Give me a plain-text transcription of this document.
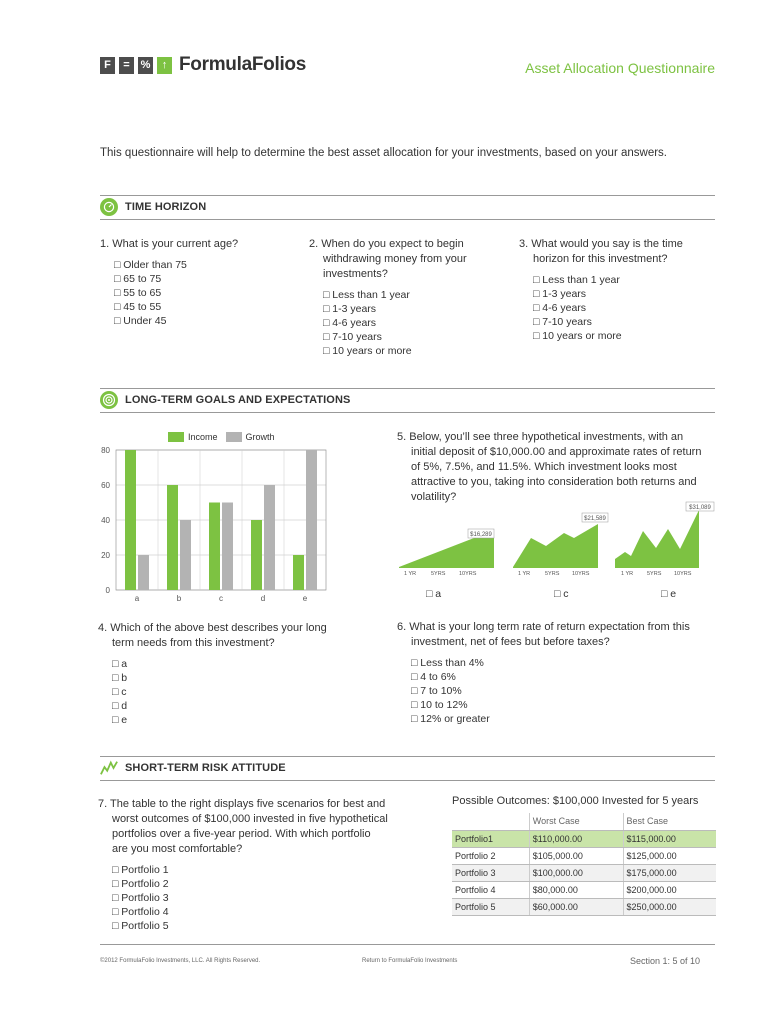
F	= %	↑ FormulaFolios	Asset Allocation Questionnaire
This questionnaire will help to determine the best asset allocation for your investments, based on your answers.
TIME HORIZON
1. What is your current age?
□ Older than 75
□ 65 to 75
□ 55 to 65
□ 45 to 55
□ Under 45
2. When do you expect to begin withdrawing money from your investments?
□ Less than 1 year
□ 1-3 years
□ 4-6 years
□ 7-10 years
□ 10 years or more
3. What would you say is the time horizon for this investment?
□ Less than 1 year
□ 1-3 years
□ 4-6 years
□ 7-10 years
□ 10 years or more
LONG-TERM GOALS AND EXPECTATIONS
Income	Growth
0
20
40
60
80
a	b	c	d	e
5. Below, you’ll see three hypothetical investments, with an initial deposit of $10,000.00 and approximate rates of return of 5%, 7.5%, and 11.5%. Which investment looks most attractive to you, taking into consideration both returns and volatility?
$16,289
1 YR	5YRS 10YRS
$21,589
1 YR	5YRS 10YRS
$31,089
1 YR	5YRS 10YRS
□ a	□ c	□ e
4. Which of the above best describes your long term needs from this investment?
□ a
□ b
□ c
□ d
□ e
6. What is your long term rate of return expectation from this investment, net of fees but before taxes?
□ Less than 4%
□ 4 to 6%
□ 7 to 10%
□ 10 to 12%
□ 12% or greater
SHORT-TERM RISK ATTITUDE
7. The table to the right displays five scenarios for best and worst outcomes of $100,000 invested in five hypothetical portfolios over a five-year period. With which portfolio are you most comfortable?
□ Portfolio 1
□ Portfolio 2
□ Portfolio 3
□ Portfolio 4
□ Portfolio 5
Possible Outcomes: $100,000 Invested for 5 years
	Worst Case	Best Case
Portfolio1	$110,000.00	$115,000.00
Portfolio 2	$105,000.00	$125,000.00
Portfolio 3	$100,000.00	$175,000.00
Portfolio 4	$80,000.00	$200,000.00
Portfolio 5	$60,000.00	$250,000.00
©2012 FormulaFolio Investments, LLC. All Rights Reserved.	Return to FormulaFolio Investments	Section 1: 5 of 10
